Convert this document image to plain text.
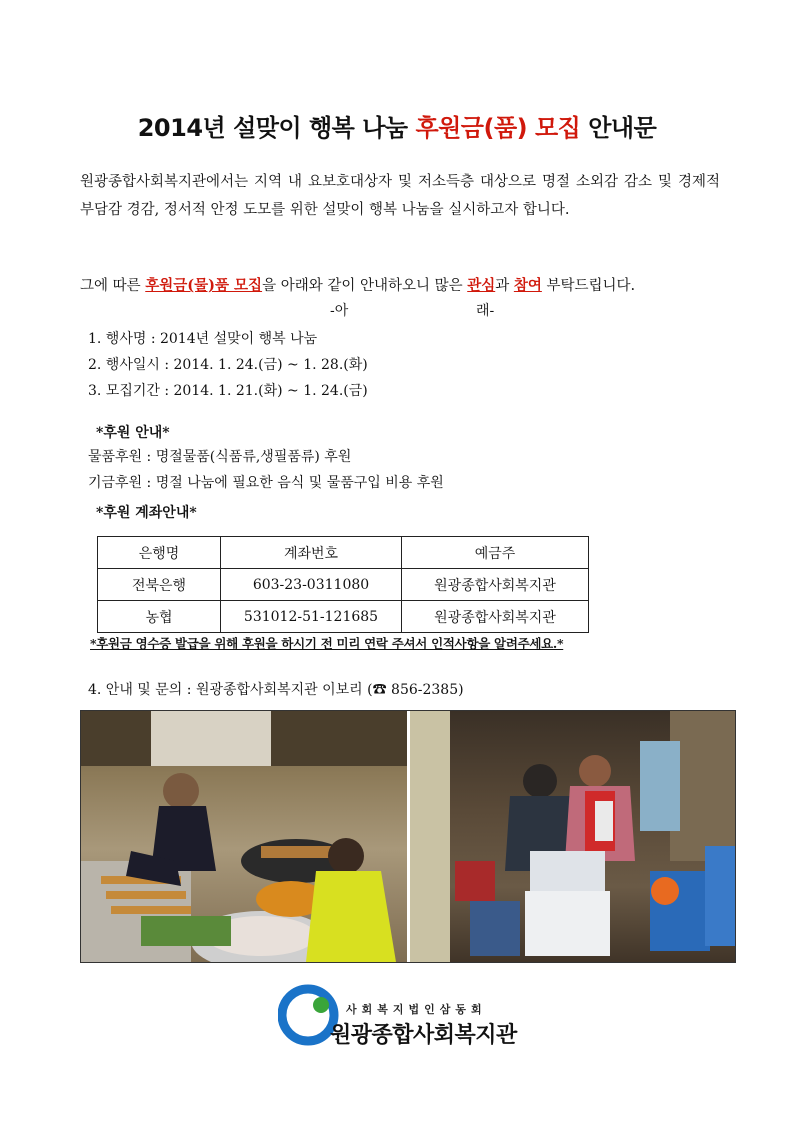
2014년 설맞이 행복 나눔 후원금(품) 모집 안내문
원광종합사회복지관에서는 지역 내 요보호대상자 및 저소득층 대상으로 명절 소외감 감소 및 경제적 부담감 경감, 정서적 안정 도모를 위한 설맞이 행복 나눔을 실시하고자 합니다.
그에 따른 후원금(물)품 모집을 아래와 같이 안내하오니 많은 관심과 참여 부탁드립니다.
-아	래-
1. 행사명 : 2014년 설맞이 행복 나눔
2. 행사일시 : 2014. 1. 24.(금) ~ 1. 28.(화)
3. 모집기간 : 2014. 1. 21.(화) ~ 1. 24.(금)
*후원 안내*
물품후원 : 명절물품(식품류,생필품류) 후원
기금후원 : 명절 나눔에 필요한 음식 및 물품구입 비용 후원
*후원 계좌안내*
은행명	계좌번호	예금주
전북은행	603-23-0311080	원광종합사회복지관
농협	531012-51-121685	원광종합사회복지관
*후원금 영수증 발급을 위해 후원을 하시기 전 미리 연락 주셔서 인적사항을 알려주세요.*
4. 안내 및 문의 : 원광종합사회복지관 이보리 (☎ 856-2385)
사회복지법인삼동회
원광종합사회복지관
